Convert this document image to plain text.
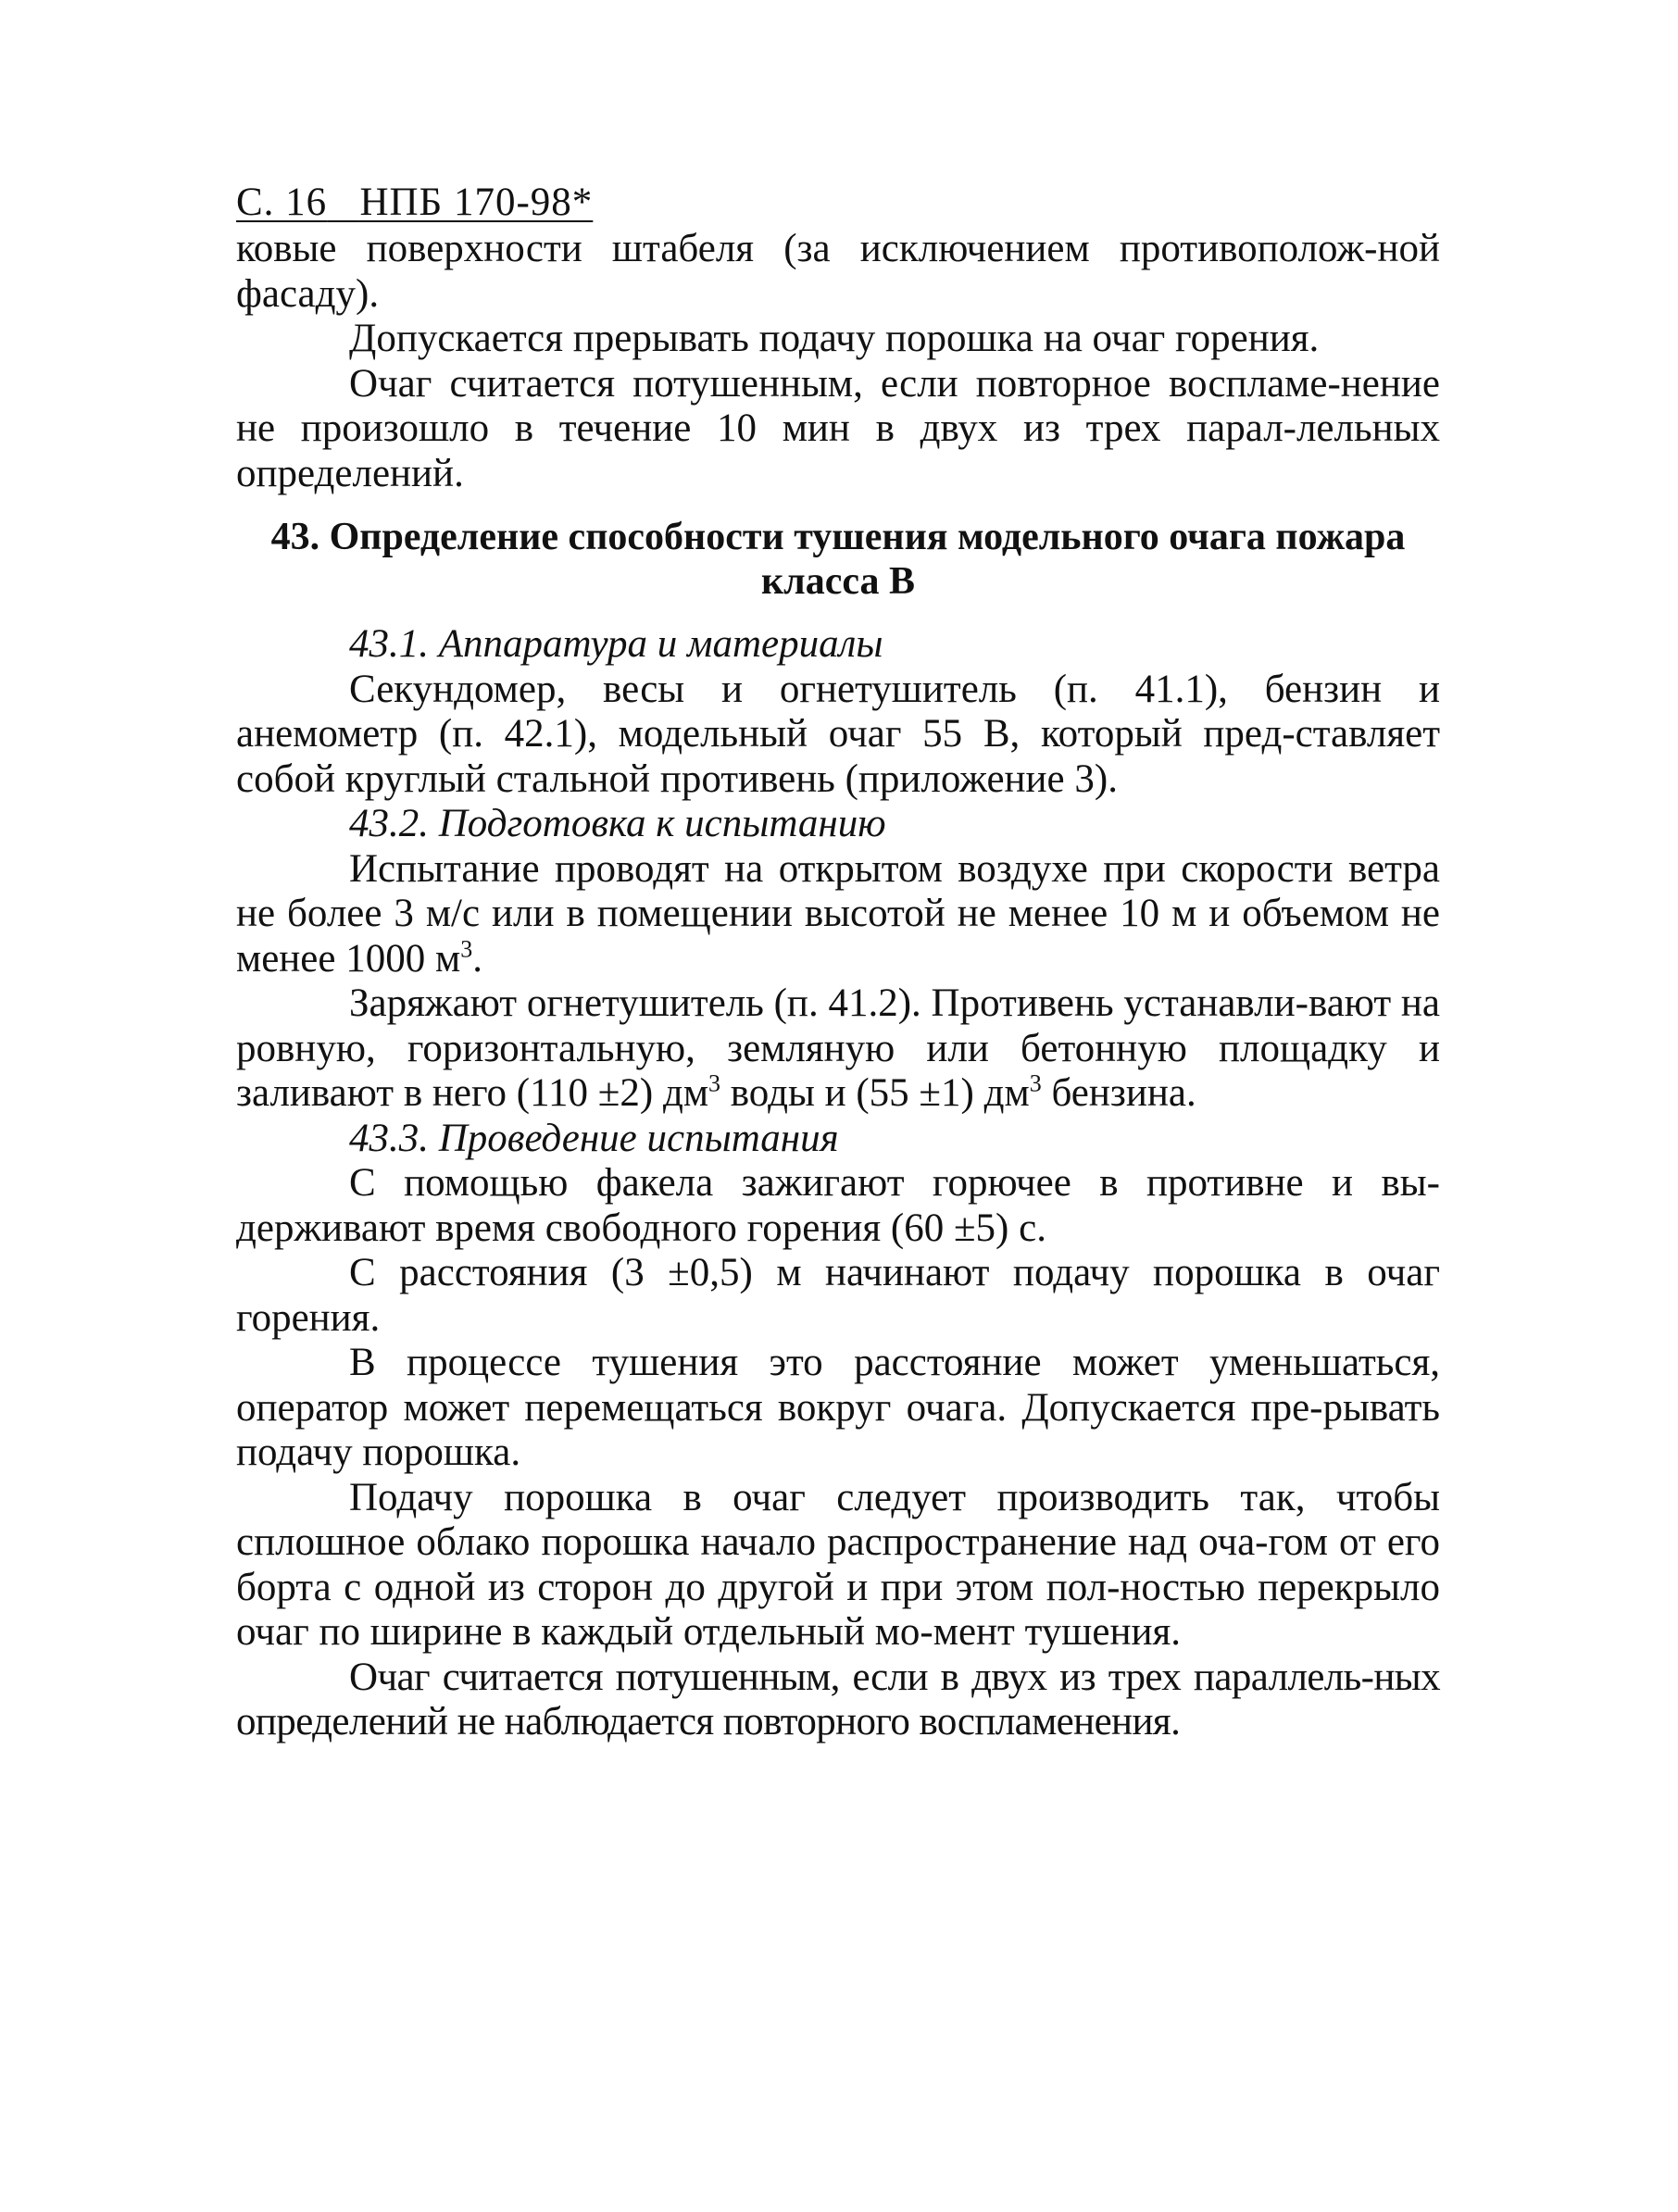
С. 16 НПБ 170-98*

ковые поверхности штабеля (за исключением противополож-ной фасаду).

Допускается прерывать подачу порошка на очаг горения.

Очаг считается потушенным, если повторное воспламе-нение не произошло в течение 10 мин в двух из трех парал-лельных определений.

43. Определение способности тушения модельного очага пожара класса В

43.1. Аппаратура и материалы

Секундомер, весы и огнетушитель (п. 41.1), бензин и анемометр (п. 42.1), модельный очаг 55 В, который пред-ставляет собой круглый стальной противень (приложение 3).

43.2. Подготовка к испытанию

Испытание проводят на открытом воздухе при скорости ветра не более 3 м/с или в помещении высотой не менее 10 м и объемом не менее 1000 $м^3$.

Заряжают огнетушитель (п. 41.2). Противень устанавли-вают на ровную, горизонтальную, земляную или бетонную площадку и заливают в него (110 ±2) $дм^3$ воды и (55 ±1) $дм^3$ бензина.

43.3. Проведение испытания

С помощью факела зажигают горючее в противне и вы-держивают время свободного горения (60 ±5) с.

С расстояния (3 ±0,5) м начинают подачу порошка в очаг горения.

В процессе тушения это расстояние может уменьшаться, оператор может перемещаться вокруг очага. Допускается пре-рывать подачу порошка.

Подачу порошка в очаг следует производить так, чтобы сплошное облако порошка начало распространение над оча-гом от его борта с одной из сторон до другой и при этом пол-ностью перекрыло очаг по ширине в каждый отдельный мо-мент тушения.

Очаг считается потушенным, если в двух из трех параллель-ных определений не наблюдается повторного воспламенения.
